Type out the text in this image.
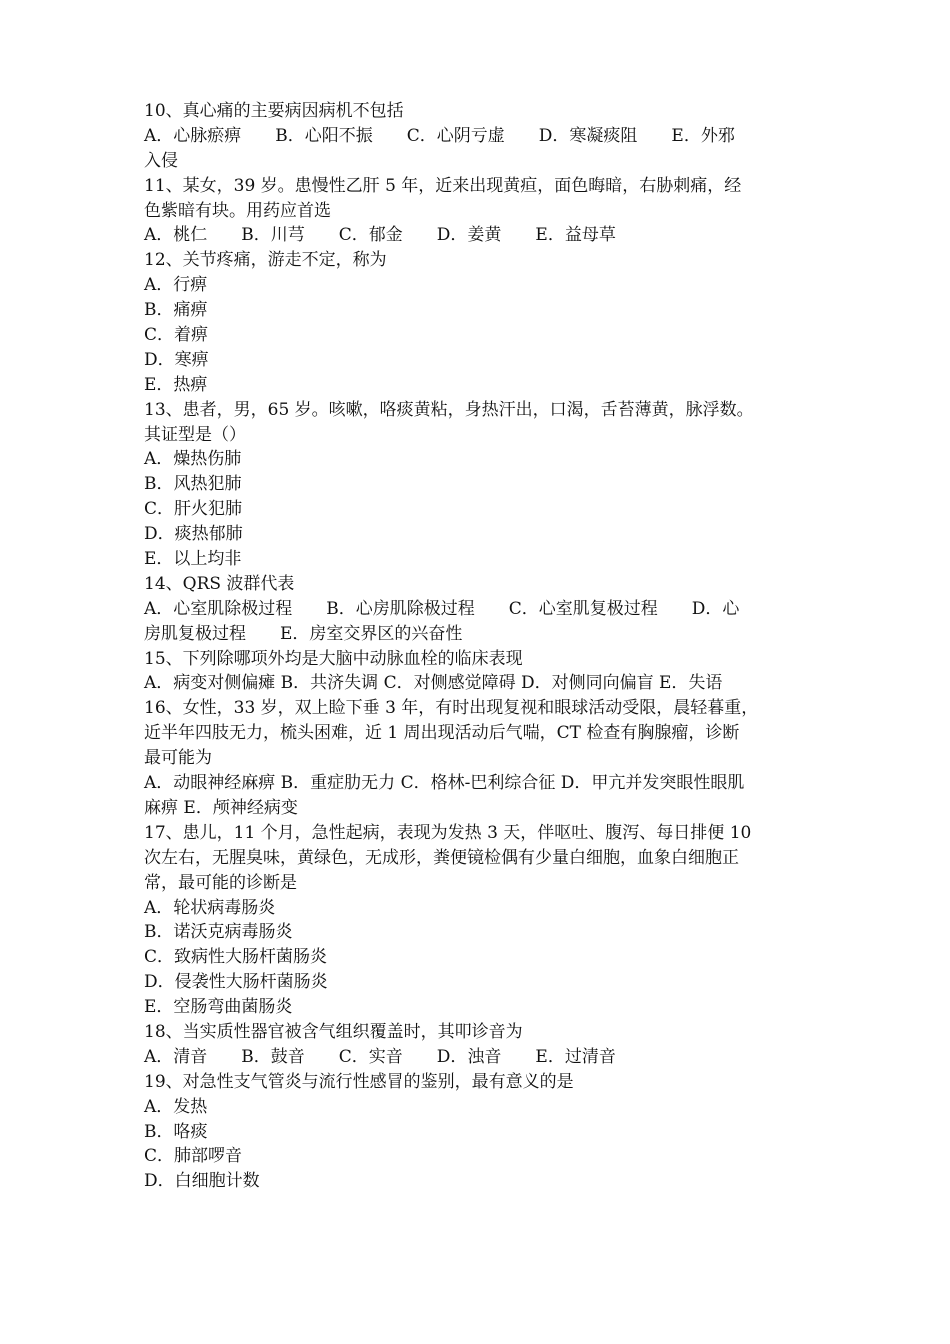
10、真心痛的主要病因病机不包括
A．心脉瘀痹　　B．心阳不振　　C．心阴亏虚　　D．寒凝痰阻　　E．外邪
入侵
11、某女，39 岁。患慢性乙肝 5 年，近来出现黄疸，面色晦暗，右胁刺痛，经
色紫暗有块。用药应首选
A．桃仁　　B．川芎　　C．郁金　　D．姜黄　　E．益母草
12、关节疼痛，游走不定，称为
A．行痹
B．痛痹
C．着痹
D．寒痹
E．热痹
13、患者，男，65 岁。咳嗽，咯痰黄粘，身热汗出，口渴，舌苔薄黄，脉浮数。
其证型是（）
A．燥热伤肺
B．风热犯肺
C．肝火犯肺
D．痰热郁肺
E．以上均非
14、QRS 波群代表
A．心室肌除极过程　　B．心房肌除极过程　　C．心室肌复极过程　　D．心
房肌复极过程　　E．房室交界区的兴奋性
15、下列除哪项外均是大脑中动脉血栓的临床表现
A．病变对侧偏瘫 B．共济失调 C．对侧感觉障碍 D．对侧同向偏盲 E．失语
16、女性，33 岁，双上睑下垂 3 年，有时出现复视和眼球活动受限，晨轻暮重，
近半年四肢无力，梳头困难，近 1 周出现活动后气喘，CT 检查有胸腺瘤，诊断
最可能为
A．动眼神经麻痹 B．重症肋无力 C．格林-巴利综合征 D．甲亢并发突眼性眼肌
麻痹 E．颅神经病变
17、患儿，11 个月，急性起病，表现为发热 3 天，伴呕吐、腹泻、每日排便 10
次左右，无腥臭味，黄绿色，无成形，粪便镜检偶有少量白细胞，血象白细胞正
常，最可能的诊断是
A．轮状病毒肠炎
B．诺沃克病毒肠炎
C．致病性大肠杆菌肠炎
D．侵袭性大肠杆菌肠炎
E．空肠弯曲菌肠炎
18、当实质性器官被含气组织覆盖时，其叩诊音为
A．清音　　B．鼓音　　C．实音　　D．浊音　　E．过清音
19、对急性支气管炎与流行性感冒的鉴别，最有意义的是
A．发热
B．咯痰
C．肺部啰音
D．白细胞计数
